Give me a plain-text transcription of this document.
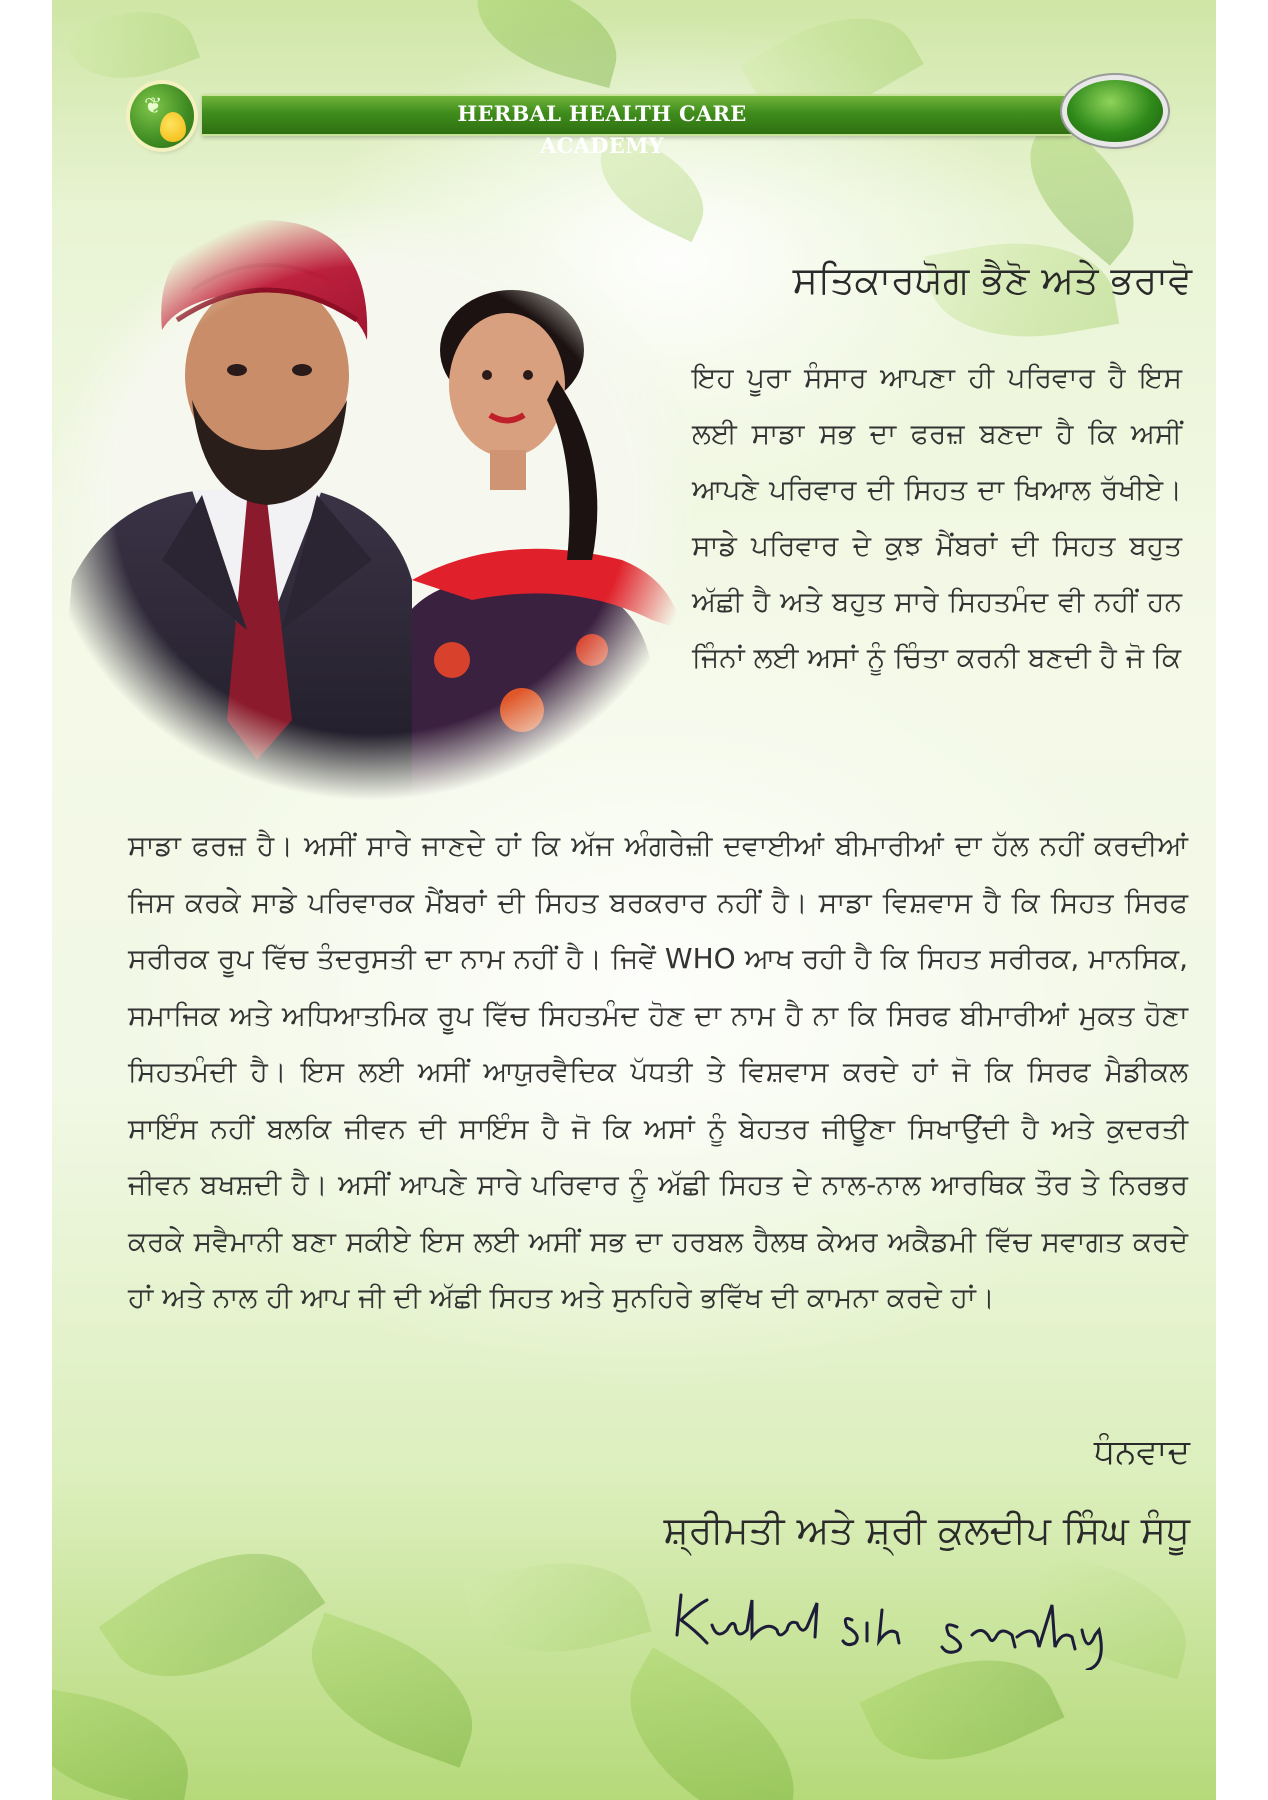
HERBAL HEALTH CARE ACADEMY
❦
ਸਤਿਕਾਰਯੋਗ ਭੈਣੋ ਅਤੇ ਭਰਾਵੋ
ਇਹ ਪੂਰਾ ਸੰਸਾਰ ਆਪਣਾ ਹੀ ਪਰਿਵਾਰ ਹੈ ਇਸ ਲਈ ਸਾਡਾ ਸਭ ਦਾ ਫਰਜ਼ ਬਣਦਾ ਹੈ ਕਿ ਅਸੀਂ ਆਪਣੇ ਪਰਿਵਾਰ ਦੀ ਸਿਹਤ ਦਾ ਖਿਆਲ ਰੱਖੀਏ। ਸਾਡੇ ਪਰਿਵਾਰ ਦੇ ਕੁਝ ਮੈਂਬਰਾਂ ਦੀ ਸਿਹਤ ਬਹੁਤ ਅੱਛੀ ਹੈ ਅਤੇ ਬਹੁਤ ਸਾਰੇ ਸਿਹਤਮੰਦ ਵੀ ਨਹੀਂ ਹਨ ਜਿੰਨਾਂ ਲਈ ਅਸਾਂ ਨੂੰ ਚਿੰਤਾ ਕਰਨੀ ਬਣਦੀ ਹੈ ਜੋ ਕਿ
ਸਾਡਾ ਫਰਜ਼ ਹੈ। ਅਸੀਂ ਸਾਰੇ ਜਾਣਦੇ ਹਾਂ ਕਿ ਅੱਜ ਅੰਗਰੇਜ਼ੀ ਦਵਾਈਆਂ ਬੀਮਾਰੀਆਂ ਦਾ ਹੱਲ ਨਹੀਂ ਕਰਦੀਆਂ ਜਿਸ ਕਰਕੇ ਸਾਡੇ ਪਰਿਵਾਰਕ ਮੈਂਬਰਾਂ ਦੀ ਸਿਹਤ ਬਰਕਰਾਰ ਨਹੀਂ ਹੈ। ਸਾਡਾ ਵਿਸ਼ਵਾਸ ਹੈ ਕਿ ਸਿਹਤ ਸਿਰਫ ਸਰੀਰਕ ਰੂਪ ਵਿੱਚ ਤੰਦਰੁਸਤੀ ਦਾ ਨਾਮ ਨਹੀਂ ਹੈ। ਜਿਵੇਂ WHO ਆਖ ਰਹੀ ਹੈ ਕਿ ਸਿਹਤ ਸਰੀਰਕ, ਮਾਨਸਿਕ, ਸਮਾਜਿਕ ਅਤੇ ਅਧਿਆਤਮਿਕ ਰੂਪ ਵਿੱਚ ਸਿਹਤਮੰਦ ਹੋਣ ਦਾ ਨਾਮ ਹੈ ਨਾ ਕਿ ਸਿਰਫ ਬੀਮਾਰੀਆਂ ਮੁਕਤ ਹੋਣਾ ਸਿਹਤਮੰਦੀ ਹੈ। ਇਸ ਲਈ ਅਸੀਂ ਆਯੁਰਵੈਦਿਕ ਪੱਧਤੀ ਤੇ ਵਿਸ਼ਵਾਸ ਕਰਦੇ ਹਾਂ ਜੋ ਕਿ ਸਿਰਫ ਮੈਡੀਕਲ ਸਾਇੰਸ ਨਹੀਂ ਬਲਕਿ ਜੀਵਨ ਦੀ ਸਾਇੰਸ ਹੈ ਜੋ ਕਿ ਅਸਾਂ ਨੂੰ ਬੇਹਤਰ ਜੀਊਣਾ ਸਿਖਾਉਂਦੀ ਹੈ ਅਤੇ ਕੁਦਰਤੀ ਜੀਵਨ ਬਖਸ਼ਦੀ ਹੈ। ਅਸੀਂ ਆਪਣੇ ਸਾਰੇ ਪਰਿਵਾਰ ਨੂੰ ਅੱਛੀ ਸਿਹਤ ਦੇ ਨਾਲ-ਨਾਲ ਆਰਥਿਕ ਤੌਰ ਤੇ ਨਿਰਭਰ ਕਰਕੇ ਸਵੈਮਾਨੀ ਬਣਾ ਸਕੀਏ ਇਸ ਲਈ ਅਸੀਂ ਸਭ ਦਾ ਹਰਬਲ ਹੈਲਥ ਕੇਅਰ ਅਕੈਡਮੀ ਵਿੱਚ ਸਵਾਗਤ ਕਰਦੇ ਹਾਂ ਅਤੇ ਨਾਲ ਹੀ ਆਪ ਜੀ ਦੀ ਅੱਛੀ ਸਿਹਤ ਅਤੇ ਸੁਨਹਿਰੇ ਭਵਿੱਖ ਦੀ ਕਾਮਨਾ ਕਰਦੇ ਹਾਂ।
ਧੰਨਵਾਦ
ਸ਼੍ਰੀਮਤੀ ਅਤੇ ਸ਼੍ਰੀ ਕੁਲਦੀਪ ਸਿੰਘ ਸੰਧੂ
